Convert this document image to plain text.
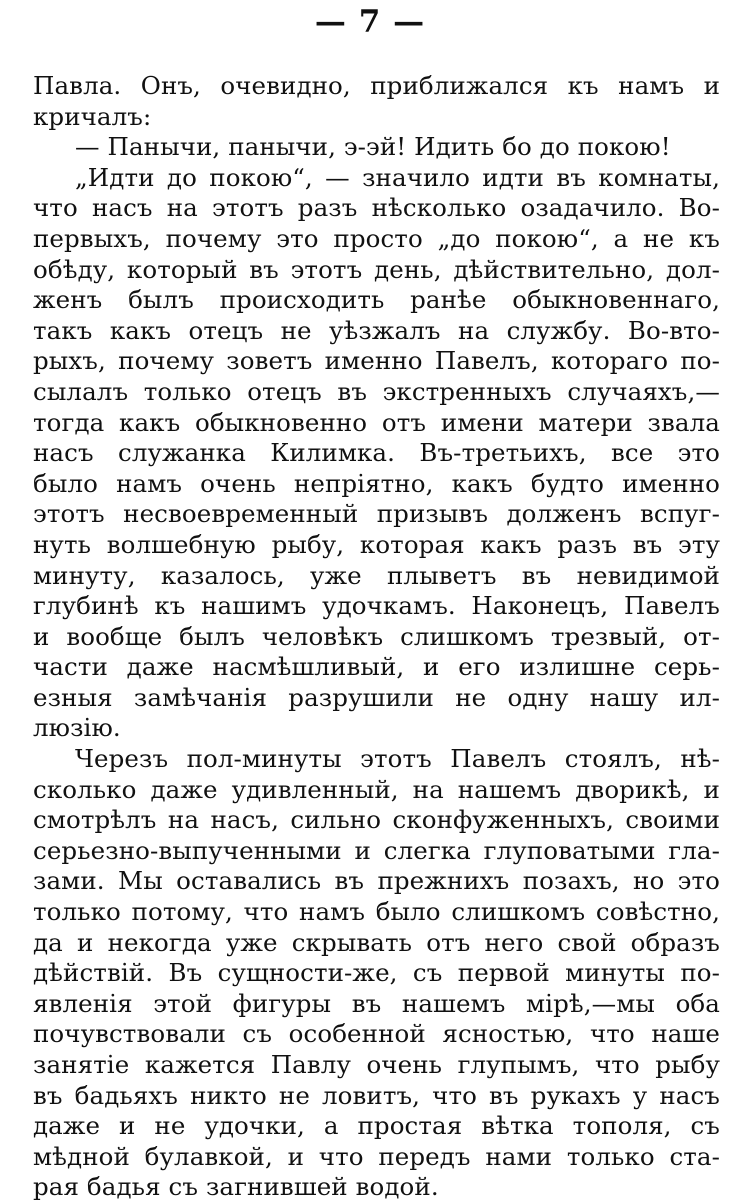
— 7 —
Павла. Онъ, очевидно, приближался къ намъ и
кричалъ:
— Панычи, панычи, э-эй! Идить бо до покою!
„Идти до покою“, — значило идти въ комнаты,
что насъ на этотъ разъ нѣсколько озадачило. Во-
первыхъ, почему это просто „до покою“, а не къ
обѣду, который въ этотъ день, дѣйствительно, дол-
женъ былъ происходить ранѣе обыкновеннаго,
такъ какъ отецъ не уѣзжалъ на службу. Во-вто-
рыхъ, почему зоветъ именно Павелъ, котораго по-
сылалъ только отецъ въ экстренныхъ случаяхъ,—
тогда какъ обыкновенно отъ имени матери звала
насъ служанка Килимка. Въ-третьихъ, все это
было намъ очень непріятно, какъ будто именно
этотъ несвоевременный призывъ долженъ вспуг-
нуть волшебную рыбу, которая какъ разъ въ эту
минуту, казалось, уже плыветъ въ невидимой
глубинѣ къ нашимъ удочкамъ. Наконецъ, Павелъ
и вообще былъ человѣкъ слишкомъ трезвый, от-
части даже насмѣшливый, и его излишне серь-
езныя замѣчанія разрушили не одну нашу ил-
люзію.
Черезъ пол-минуты этотъ Павелъ стоялъ, нѣ-
сколько даже удивленный, на нашемъ дворикѣ, и
смотрѣлъ на насъ, сильно сконфуженныхъ, своими
серьезно-выпученными и слегка глуповатыми гла-
зами. Мы оставались въ прежнихъ позахъ, но это
только потому, что намъ было слишкомъ совѣстно,
да и некогда уже скрывать отъ него свой образъ
дѣйствій. Въ сущности-же, съ первой минуты по-
явленія этой фигуры въ нашемъ мірѣ,—мы оба
почувствовали съ особенной ясностью, что наше
занятіе кажется Павлу очень глупымъ, что рыбу
въ бадьяхъ никто не ловитъ, что въ рукахъ у насъ
даже и не удочки, а простая вѣтка тополя, съ
мѣдной булавкой, и что передъ нами только ста-
рая бадья съ загнившей водой.
